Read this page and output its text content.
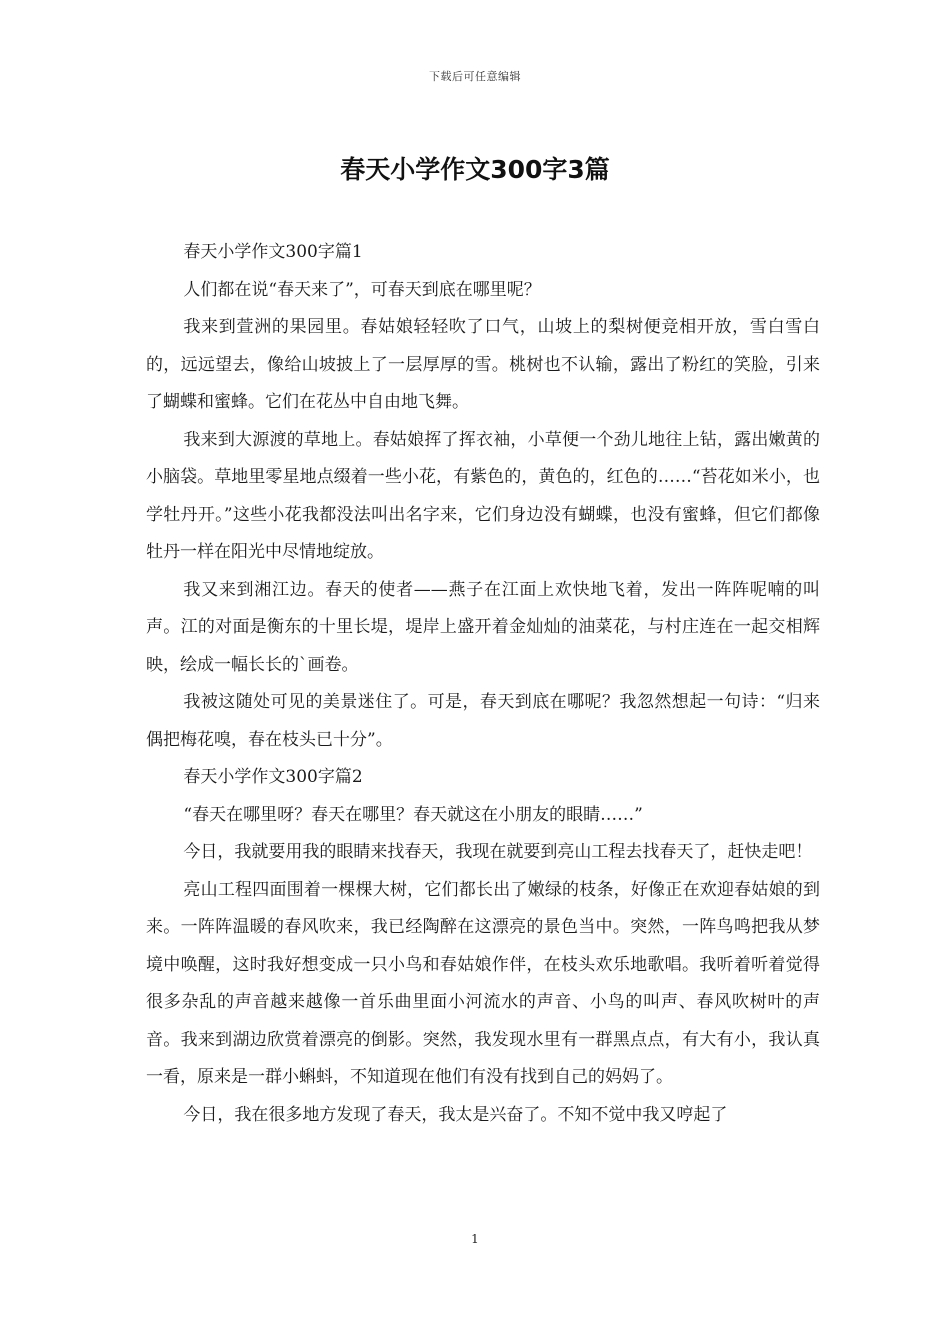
下载后可任意编辑
春天小学作文300字3篇

春天小学作文300字篇1

人们都在说“春天来了”，可春天到底在哪里呢？

我来到萱洲的果园里。春姑娘轻轻吹了口气，山坡上的梨树便竞相开放，雪白雪白的，远远望去，像给山坡披上了一层厚厚的雪。桃树也不认输，露出了粉红的笑脸，引来了蝴蝶和蜜蜂。它们在花丛中自由地飞舞。

我来到大源渡的草地上。春姑娘挥了挥衣袖，小草便一个劲儿地往上钻，露出嫩黄的小脑袋。草地里零星地点缀着一些小花，有紫色的，黄色的，红色的……“苔花如米小，也学牡丹开。”这些小花我都没法叫出名字来，它们身边没有蝴蝶，也没有蜜蜂，但它们都像牡丹一样在阳光中尽情地绽放。

我又来到湘江边。春天的使者——燕子在江面上欢快地飞着，发出一阵阵呢喃的叫声。江的对面是衡东的十里长堤，堤岸上盛开着金灿灿的油菜花，与村庄连在一起交相辉映，绘成一幅长长的`画卷。

我被这随处可见的美景迷住了。可是，春天到底在哪呢？我忽然想起一句诗：“归来偶把梅花嗅，春在枝头已十分”。

春天小学作文300字篇2

“春天在哪里呀？春天在哪里？春天就这在小朋友的眼睛……”

今日，我就要用我的眼睛来找春天，我现在就要到亮山工程去找春天了，赶快走吧！

亮山工程四面围着一棵棵大树，它们都长出了嫩绿的枝条，好像正在欢迎春姑娘的到来。一阵阵温暖的春风吹来，我已经陶醉在这漂亮的景色当中。突然，一阵鸟鸣把我从梦境中唤醒，这时我好想变成一只小鸟和春姑娘作伴，在枝头欢乐地歌唱。我听着听着觉得很多杂乱的声音越来越像一首乐曲里面小河流水的声音、小鸟的叫声、春风吹树叶的声音。我来到湖边欣赏着漂亮的倒影。突然，我发现水里有一群黑点点，有大有小，我认真一看，原来是一群小蝌蚪，不知道现在他们有没有找到自己的妈妈了。

今日，我在很多地方发现了春天，我太是兴奋了。不知不觉中我又哼起了

1
